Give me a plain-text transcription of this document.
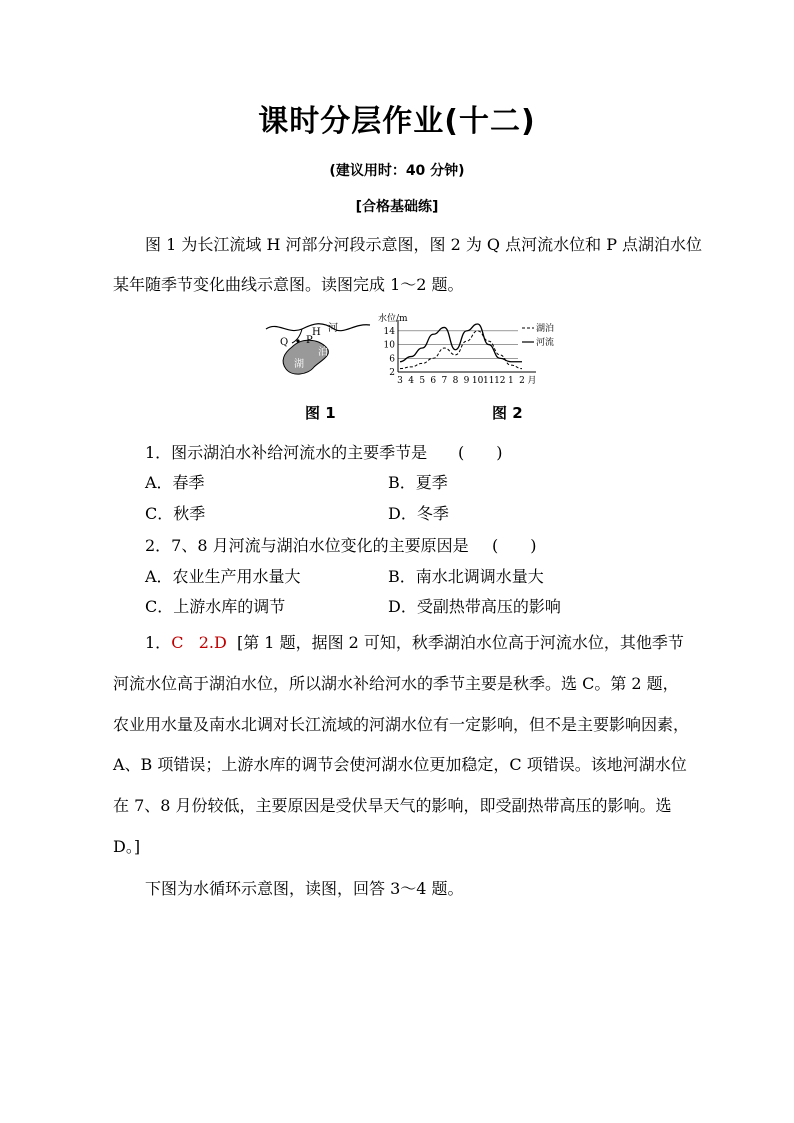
课时分层作业(十二)
(建议用时：40 分钟)
[合格基础练]
图 1 为长江流域 H 河部分河段示意图，图 2 为 Q 点河流水位和 P 点湖泊水位
某年随季节变化曲线示意图。读图完成 1～2 题。
Q P
H 河
湖
泊
水位/m
2
6
10
14
3 4 5 6 7 8 9 10 11 12 1 2 月
湖泊
河流
图 1	图 2
1．图示湖泊水补给河流水的主要季节是 (　　)
A．春季	B．夏季
C．秋季	D．冬季
2．7、8 月河流与湖泊水位变化的主要原因是 (　　)
A．农业生产用水量大	B．南水北调调水量大
C．上游水库的调节	D．受副热带高压的影响
1．C 2.D [第 1 题，据图 2 可知，秋季湖泊水位高于河流水位，其他季节
河流水位高于湖泊水位，所以湖水补给河水的季节主要是秋季。选 C。第 2 题，
农业用水量及南水北调对长江流域的河湖水位有一定影响，但不是主要影响因素，
A、B 项错误；上游水库的调节会使河湖水位更加稳定，C 项错误。该地河湖水位
在 7、8 月份较低，主要原因是受伏旱天气的影响，即受副热带高压的影响。选
D。]
下图为水循环示意图，读图，回答 3～4 题。
